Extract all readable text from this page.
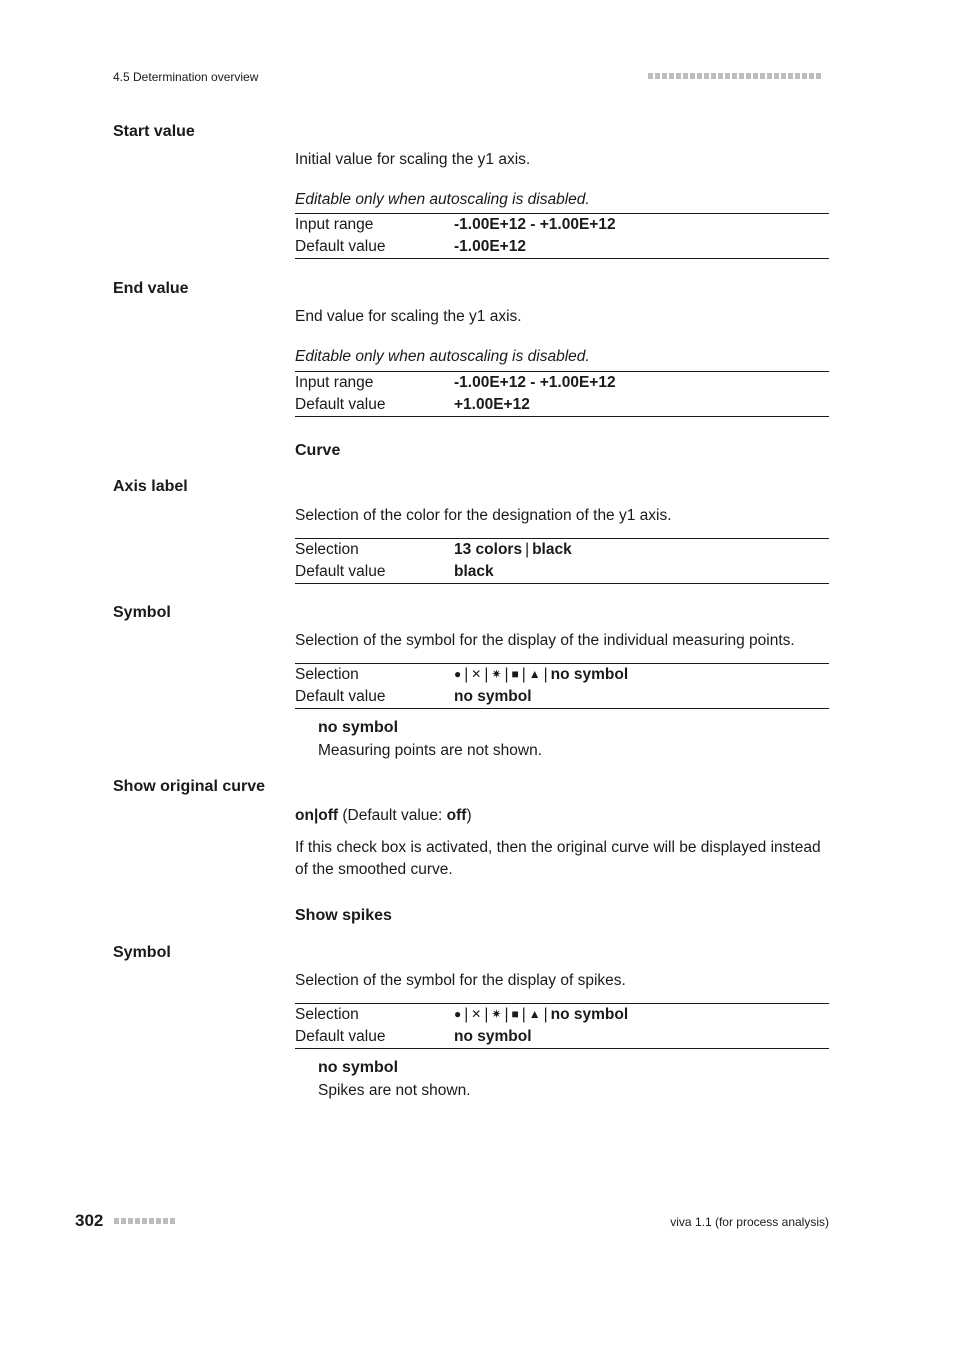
4.5 Determination overview
Start value
Initial value for scaling the y1 axis.
Editable only when autoscaling is disabled.
Input range	-1.00E+12 - +1.00E+12
Default value	-1.00E+12
End value
End value for scaling the y1 axis.
Editable only when autoscaling is disabled.
Input range	-1.00E+12 - +1.00E+12
Default value	+1.00E+12
Curve
Axis label
Selection of the color for the designation of the y1 axis.
Selection	13 colors | black
Default value	black
Symbol
Selection of the symbol for the display of the individual measuring points.
Selection	● | ✕ | ✷ | ■ | ▲ | no symbol
Default value	no symbol
no symbol
Measuring points are not shown.
Show original curve
on|off (Default value: off)
If this check box is activated, then the original curve will be displayed instead of the smoothed curve.
Show spikes
Symbol
Selection of the symbol for the display of spikes.
Selection	● | ✕ | ✷ | ■ | ▲ | no symbol
Default value	no symbol
no symbol
Spikes are not shown.
302	viva 1.1 (for process analysis)
